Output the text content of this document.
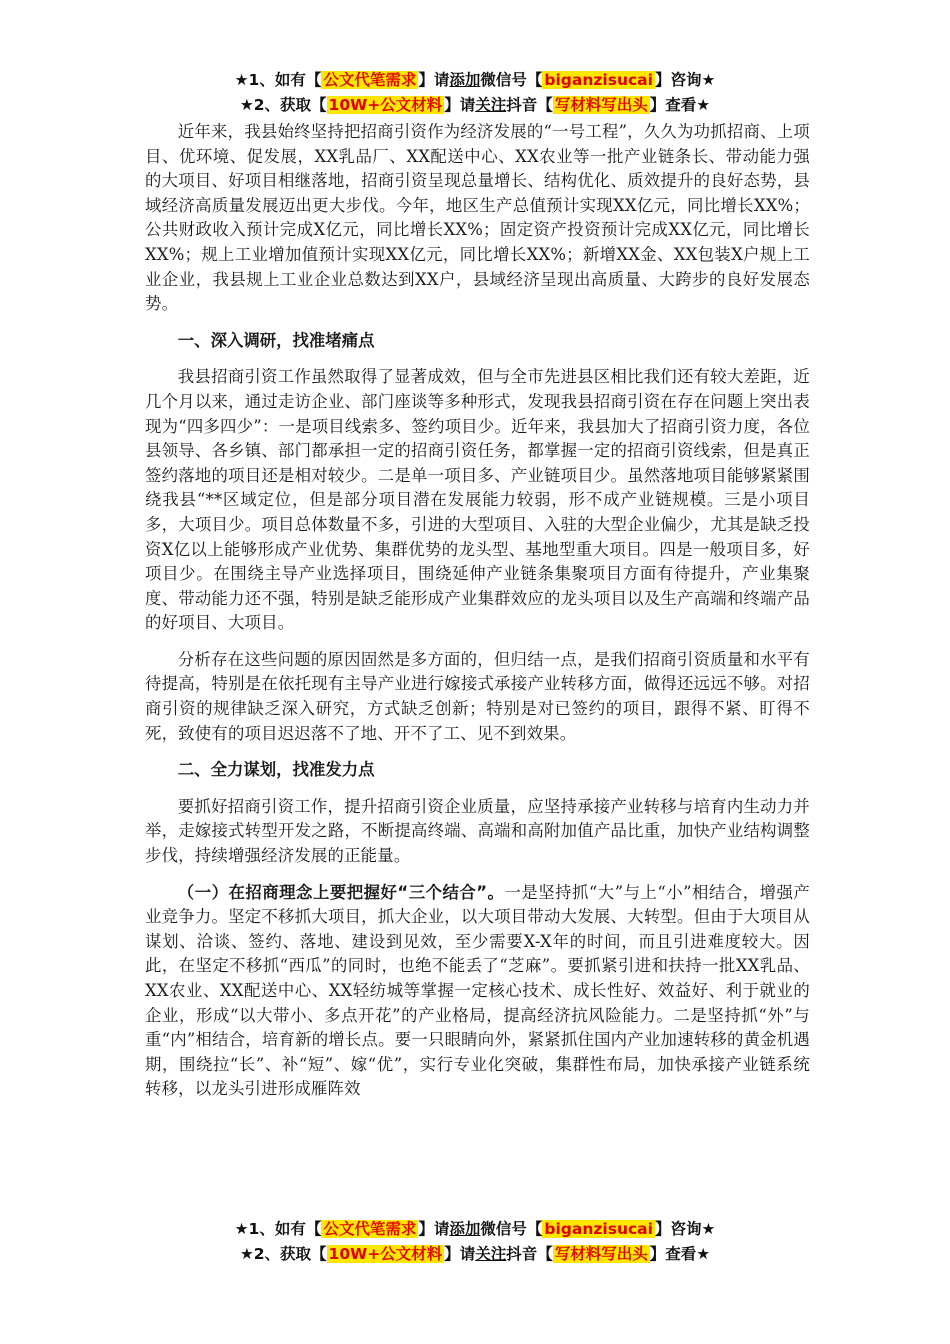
★1、如有【 公文代笔需求 】请添加微信号【 biganzisucai 】咨询★
★2、获取【 10W+公文材料 】请关注抖音【 写材料写出头 】查看★

近年来，我县始终坚持把招商引资作为经济发展的“一号工程”，久久为功抓招商、上项目、优环境、促发展，XX乳品厂、XX配送中心、XX农业等一批产业链条长、带动能力强的大项目、好项目相继落地，招商引资呈现总量增长、结构优化、质效提升的良好态势，县域经济高质量发展迈出更大步伐。今年，地区生产总值预计实现XX亿元，同比增长XX%；公共财政收入预计完成X亿元，同比增长XX%；固定资产投资预计完成XX亿元，同比增长XX%；规上工业增加值预计实现XX亿元，同比增长XX%；新增XX金、XX包装X户规上工业企业，我县规上工业企业总数达到XX户，县域经济呈现出高质量、大跨步的良好发展态势。

一、深入调研，找准堵痛点

我县招商引资工作虽然取得了显著成效，但与全市先进县区相比我们还有较大差距，近几个月以来，通过走访企业、部门座谈等多种形式，发现我县招商引资在存在问题上突出表现为“四多四少”：一是项目线索多、签约项目少。近年来，我县加大了招商引资力度，各位县领导、各乡镇、部门都承担一定的招商引资任务，都掌握一定的招商引资线索，但是真正签约落地的项目还是相对较少。二是单一项目多、产业链项目少。虽然落地项目能够紧紧围绕我县“**区域定位，但是部分项目潜在发展能力较弱，形不成产业链规模。三是小项目多，大项目少。项目总体数量不多，引进的大型项目、入驻的大型企业偏少，尤其是缺乏投资X亿以上能够形成产业优势、集群优势的龙头型、基地型重大项目。四是一般项目多，好项目少。在围绕主导产业选择项目，围绕延伸产业链条集聚项目方面有待提升，产业集聚度、带动能力还不强，特别是缺乏能形成产业集群效应的龙头项目以及生产高端和终端产品的好项目、大项目。

分析存在这些问题的原因固然是多方面的，但归结一点，是我们招商引资质量和水平有待提高，特别是在依托现有主导产业进行嫁接式承接产业转移方面，做得还远远不够。对招商引资的规律缺乏深入研究，方式缺乏创新；特别是对已签约的项目，跟得不紧、盯得不死，致使有的项目迟迟落不了地、开不了工、见不到效果。

二、全力谋划，找准发力点

要抓好招商引资工作，提升招商引资企业质量，应坚持承接产业转移与培育内生动力并举，走嫁接式转型开发之路，不断提高终端、高端和高附加值产品比重，加快产业结构调整步伐，持续增强经济发展的正能量。

（一）在招商理念上要把握好“三个结合”。一是坚持抓“大”与上“小”相结合，增强产业竞争力。坚定不移抓大项目，抓大企业，以大项目带动大发展、大转型。但由于大项目从谋划、洽谈、签约、落地、建设到见效，至少需要X-X年的时间，而且引进难度较大。因此，在坚定不移抓“西瓜”的同时，也绝不能丢了“芝麻”。要抓紧引进和扶持一批XX乳品、XX农业、XX配送中心、XX轻纺城等掌握一定核心技术、成长性好、效益好、利于就业的企业，形成“以大带小、多点开花”的产业格局，提高经济抗风险能力。二是坚持抓“外”与重“内”相结合，培育新的增长点。要一只眼睛向外，紧紧抓住国内产业加速转移的黄金机遇期，围绕拉“长”、补“短”、嫁“优”，实行专业化突破，集群性布局，加快承接产业链系统转移，以龙头引进形成雁阵效

★1、如有【 公文代笔需求 】请添加微信号【 biganzisucai 】咨询★
★2、获取【 10W+公文材料 】请关注抖音【 写材料写出头 】查看★
